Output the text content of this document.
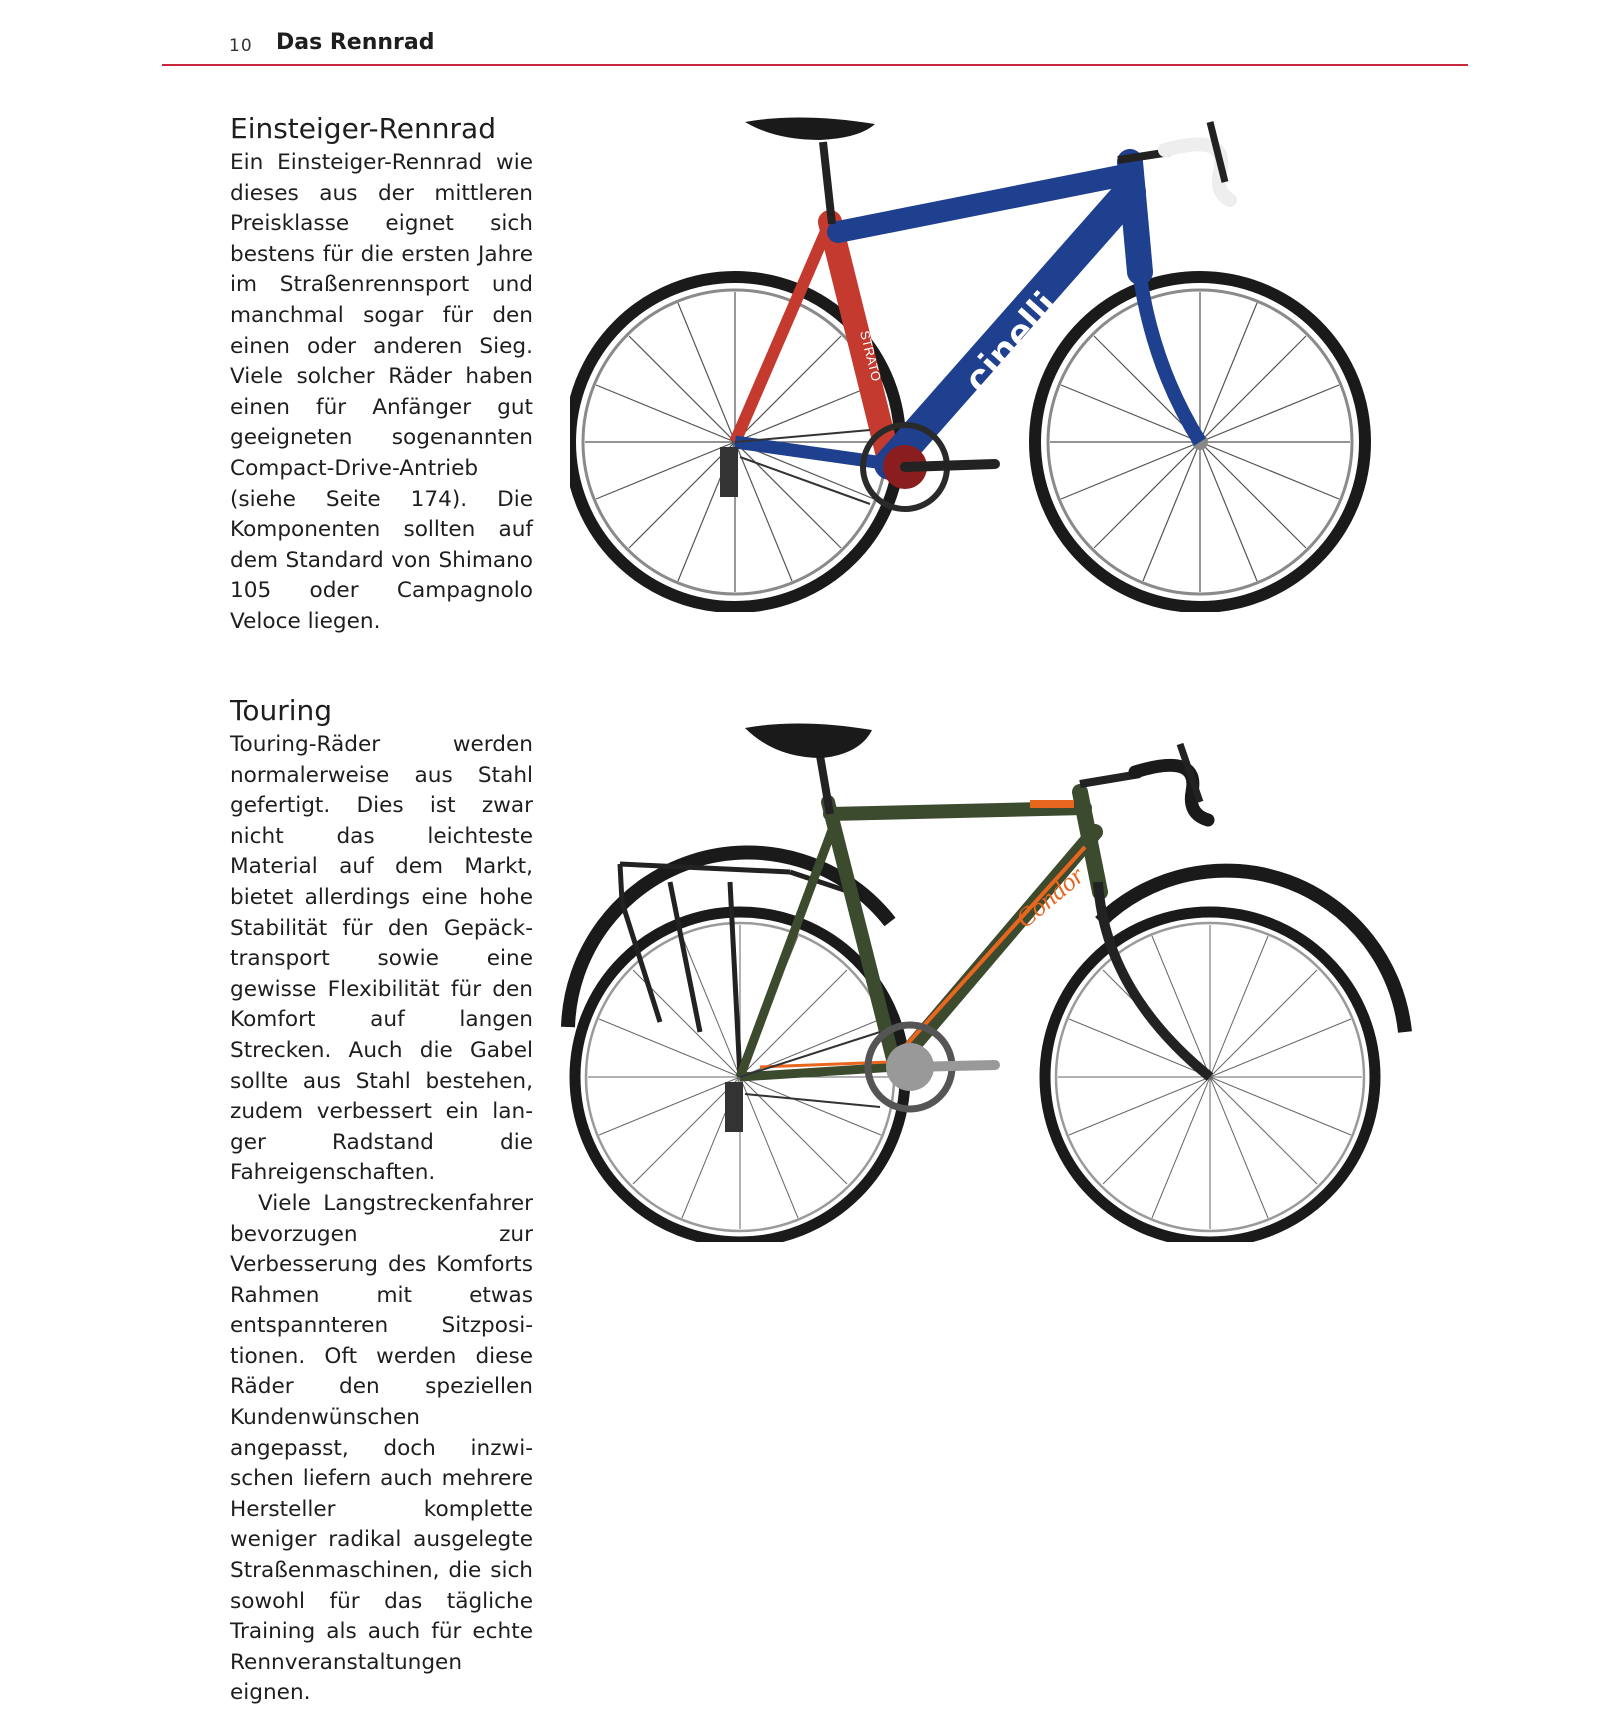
10 Das Rennrad
Einsteiger-Rennrad

Ein Einsteiger-Rennrad wie dieses aus der mittleren Preisklasse eignet sich bestens für die ersten Jahre im Straßenrennsport und manchmal sogar für den einen oder anderen Sieg. Viele solcher Räder haben einen für Anfänger gut geeigneten sogenannten Compact-Drive-Antrieb (siehe Seite 174). Die Komponenten sollten auf dem Standard von Shimano 105 oder Campagnolo Veloce liegen.

cinelli
STRATO
Touring

Touring-Räder werden normalerweise aus Stahl gefertigt. Dies ist zwar nicht das leichteste Material auf dem Markt, bietet allerdings eine hohe Stabilität für den Gepäcktransport sowie eine gewisse Flexibilität für den Komfort auf langen Strecken. Auch die Gabel sollte aus Stahl bestehen, zudem verbessert ein langer Radstand die Fahreigenschaften.

Viele Langstreckenfahrer bevorzugen zur Verbesserung des Komforts Rahmen mit etwas entspannteren Sitzpositionen. Oft werden diese Räder den speziellen Kundenwünschen angepasst, doch inzwischen liefern auch mehrere Hersteller komplette weniger radikal ausgelegte Straßenmaschinen, die sich sowohl für das tägliche Training als auch für echte Rennveranstaltungen eignen.

Condor
